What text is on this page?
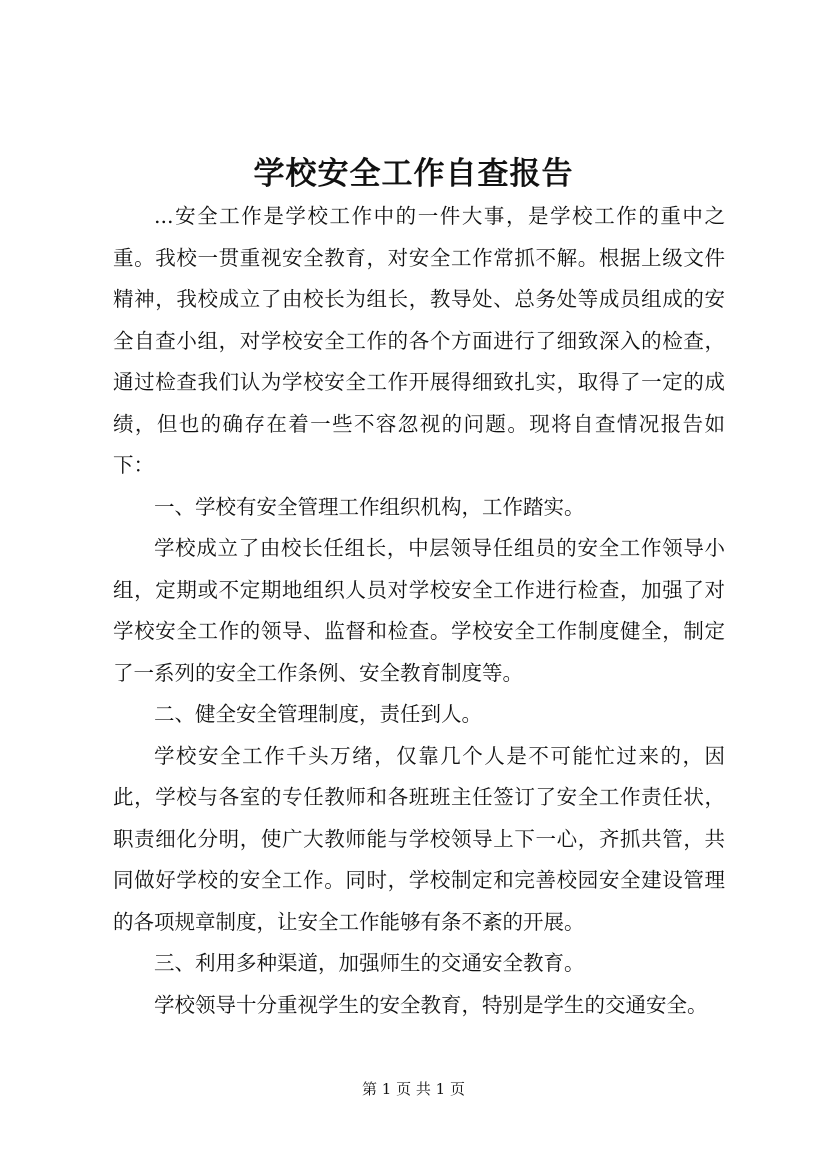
学校安全工作自查报告

...安全工作是学校工作中的一件大事，是学校工作的重中之重。我校一贯重视安全教育，对安全工作常抓不解。根据上级文件精神，我校成立了由校长为组长，教导处、总务处等成员组成的安全自查小组，对学校安全工作的各个方面进行了细致深入的检查，通过检查我们认为学校安全工作开展得细致扎实，取得了一定的成绩，但也的确存在着一些不容忽视的问题。现将自查情况报告如下：

一、学校有安全管理工作组织机构，工作踏实。

学校成立了由校长任组长，中层领导任组员的安全工作领导小组，定期或不定期地组织人员对学校安全工作进行检查，加强了对学校安全工作的领导、监督和检查。学校安全工作制度健全，制定了一系列的安全工作条例、安全教育制度等。

二、健全安全管理制度，责任到人。

学校安全工作千头万绪，仅靠几个人是不可能忙过来的，因此，学校与各室的专任教师和各班班主任签订了安全工作责任状，职责细化分明，使广大教师能与学校领导上下一心，齐抓共管，共同做好学校的安全工作。同时，学校制定和完善校园安全建设管理的各项规章制度，让安全工作能够有条不紊的开展。

三、利用多种渠道，加强师生的交通安全教育。

学校领导十分重视学生的安全教育，特别是学生的交通安全。

第 1 页 共 1 页
